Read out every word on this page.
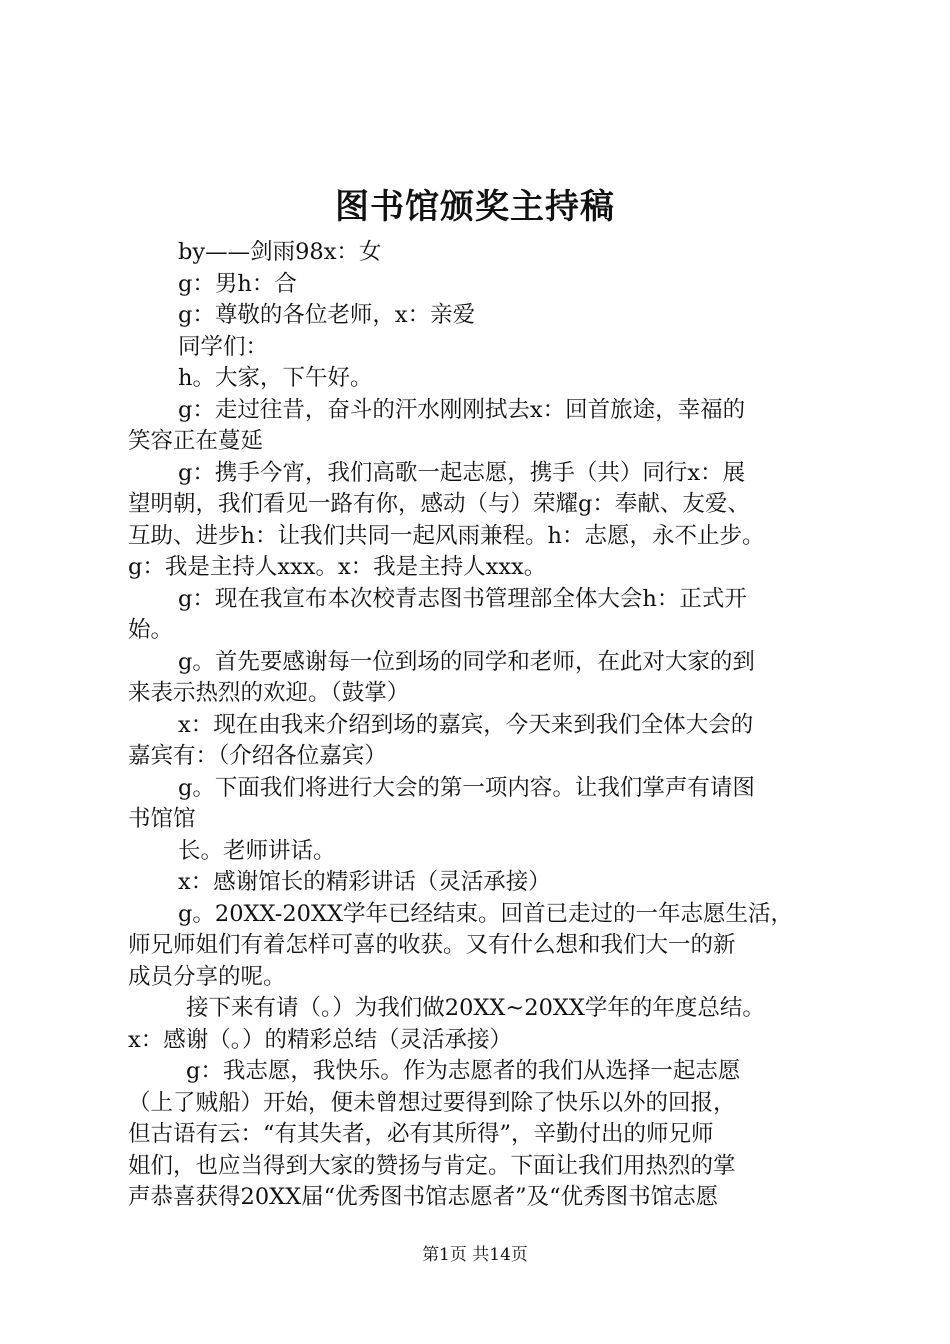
图书馆颁奖主持稿
by——剑雨98x：女
g：男h：合
g：尊敬的各位老师，x：亲爱
同学们：
h。大家，下午好。
g：走过往昔，奋斗的汗水刚刚拭去x：回首旅途，幸福的
笑容正在蔓延
g：携手今宵，我们高歌一起志愿，携手（共）同行x：展
望明朝，我们看见一路有你，感动（与）荣耀g：奉献、友爱、
互助、进步h：让我们共同一起风雨兼程。h：志愿，永不止步。
g：我是主持人xxx。x：我是主持人xxx。
g：现在我宣布本次校青志图书管理部全体大会h：正式开
始。
g。首先要感谢每一位到场的同学和老师，在此对大家的到
来表示热烈的欢迎。（鼓掌）
x：现在由我来介绍到场的嘉宾，今天来到我们全体大会的
嘉宾有：（介绍各位嘉宾）
g。下面我们将进行大会的第一项内容。让我们掌声有请图
书馆馆
长。老师讲话。
x：感谢馆长的精彩讲话（灵活承接）
g。20XX-20XX学年已经结束。回首已走过的一年志愿生活，
师兄师姐们有着怎样可喜的收获。又有什么想和我们大一的新
成员分享的呢。
接下来有请（。）为我们做20XX~20XX学年的年度总结。
x：感谢（。）的精彩总结（灵活承接）
g：我志愿，我快乐。作为志愿者的我们从选择一起志愿
（上了贼船）开始，便未曾想过要得到除了快乐以外的回报，
但古语有云：“有其失者，必有其所得”，辛勤付出的师兄师
姐们，也应当得到大家的赞扬与肯定。下面让我们用热烈的掌
声恭喜获得20XX届“优秀图书馆志愿者”及“优秀图书馆志愿
第1页 共14页
